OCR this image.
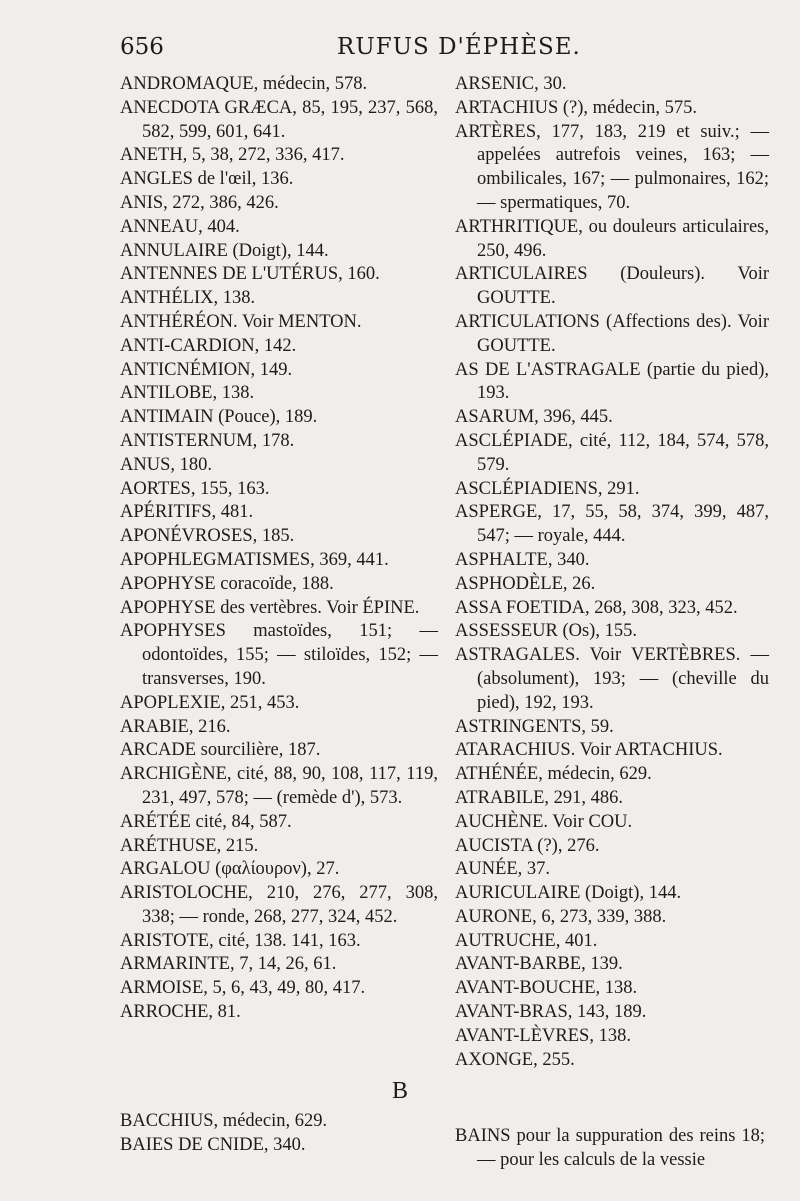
656	RUFUS D'ÉPHÈSE.

ANDROMAQUE, médecin, 578.

ANECDOTA GRÆCA, 85, 195, 237, 568, 582, 599, 601, 641.

ANETH, 5, 38, 272, 336, 417.

ANGLES de l'œil, 136.

ANIS, 272, 386, 426.

ANNEAU, 404.

ANNULAIRE (Doigt), 144.

ANTENNES DE L'UTÉRUS, 160.

ANTHÉLIX, 138.

ANTHÉRÉON. Voir MENTON.

ANTI-CARDION, 142.

ANTICNÉMION, 149.

ANTILOBE, 138.

ANTIMAIN (Pouce), 189.

ANTISTERNUM, 178.

ANUS, 180.

AORTES, 155, 163.

APÉRITIFS, 481.

APONÉVROSES, 185.

APOPHLEGMATISMES, 369, 441.

APOPHYSE coracoïde, 188.

APOPHYSE des vertèbres. Voir ÉPINE.

APOPHYSES mastoïdes, 151; — odontoïdes, 155; — stiloïdes, 152; — transverses, 190.

APOPLEXIE, 251, 453.

ARABIE, 216.

ARCADE sourcilière, 187.

ARCHIGÈNE, cité, 88, 90, 108, 117, 119, 231, 497, 578; — (remède d'), 573.

ARÉTÉE cité, 84, 587.

ARÉTHUSE, 215.

ARGALOU (φαλίουρον), 27.

ARISTOLOCHE, 210, 276, 277, 308, 338; — ronde, 268, 277, 324, 452.

ARISTOTE, cité, 138. 141, 163.

ARMARINTE, 7, 14, 26, 61.

ARMOISE, 5, 6, 43, 49, 80, 417.

ARROCHE, 81.

ARSENIC, 30.

ARTACHIUS (?), médecin, 575.

ARTÈRES, 177, 183, 219 et suiv.; — appelées autrefois veines, 163; — ombilicales, 167; — pulmonaires, 162; — spermatiques, 70.

ARTHRITIQUE, ou douleurs articulaires, 250, 496.

ARTICULAIRES (Douleurs). Voir GOUTTE.

ARTICULATIONS (Affections des). Voir GOUTTE.

AS DE L'ASTRAGALE (partie du pied), 193.

ASARUM, 396, 445.

ASCLÉPIADE, cité, 112, 184, 574, 578, 579.

ASCLÉPIADIENS, 291.

ASPERGE, 17, 55, 58, 374, 399, 487, 547; — royale, 444.

ASPHALTE, 340.

ASPHODÈLE, 26.

ASSA FOETIDA, 268, 308, 323, 452.

ASSESSEUR (Os), 155.

ASTRAGALES. Voir VERTÈBRES. — (absolument), 193; — (cheville du pied), 192, 193.

ASTRINGENTS, 59.

ATARACHIUS. Voir ARTACHIUS.

ATHÉNÉE, médecin, 629.

ATRABILE, 291, 486.

AUCHÈNE. Voir COU.

AUCISTA (?), 276.

AUNÉE, 37.

AURICULAIRE (Doigt), 144.

AURONE, 6, 273, 339, 388.

AUTRUCHE, 401.

AVANT-BARBE, 139.

AVANT-BOUCHE, 138.

AVANT-BRAS, 143, 189.

AVANT-LÈVRES, 138.

AXONGE, 255.

B

BACCHIUS, médecin, 629.

BAIES DE CNIDE, 340.	BAINS pour la suppuration des reins 18; — pour les calculs de la vessie
